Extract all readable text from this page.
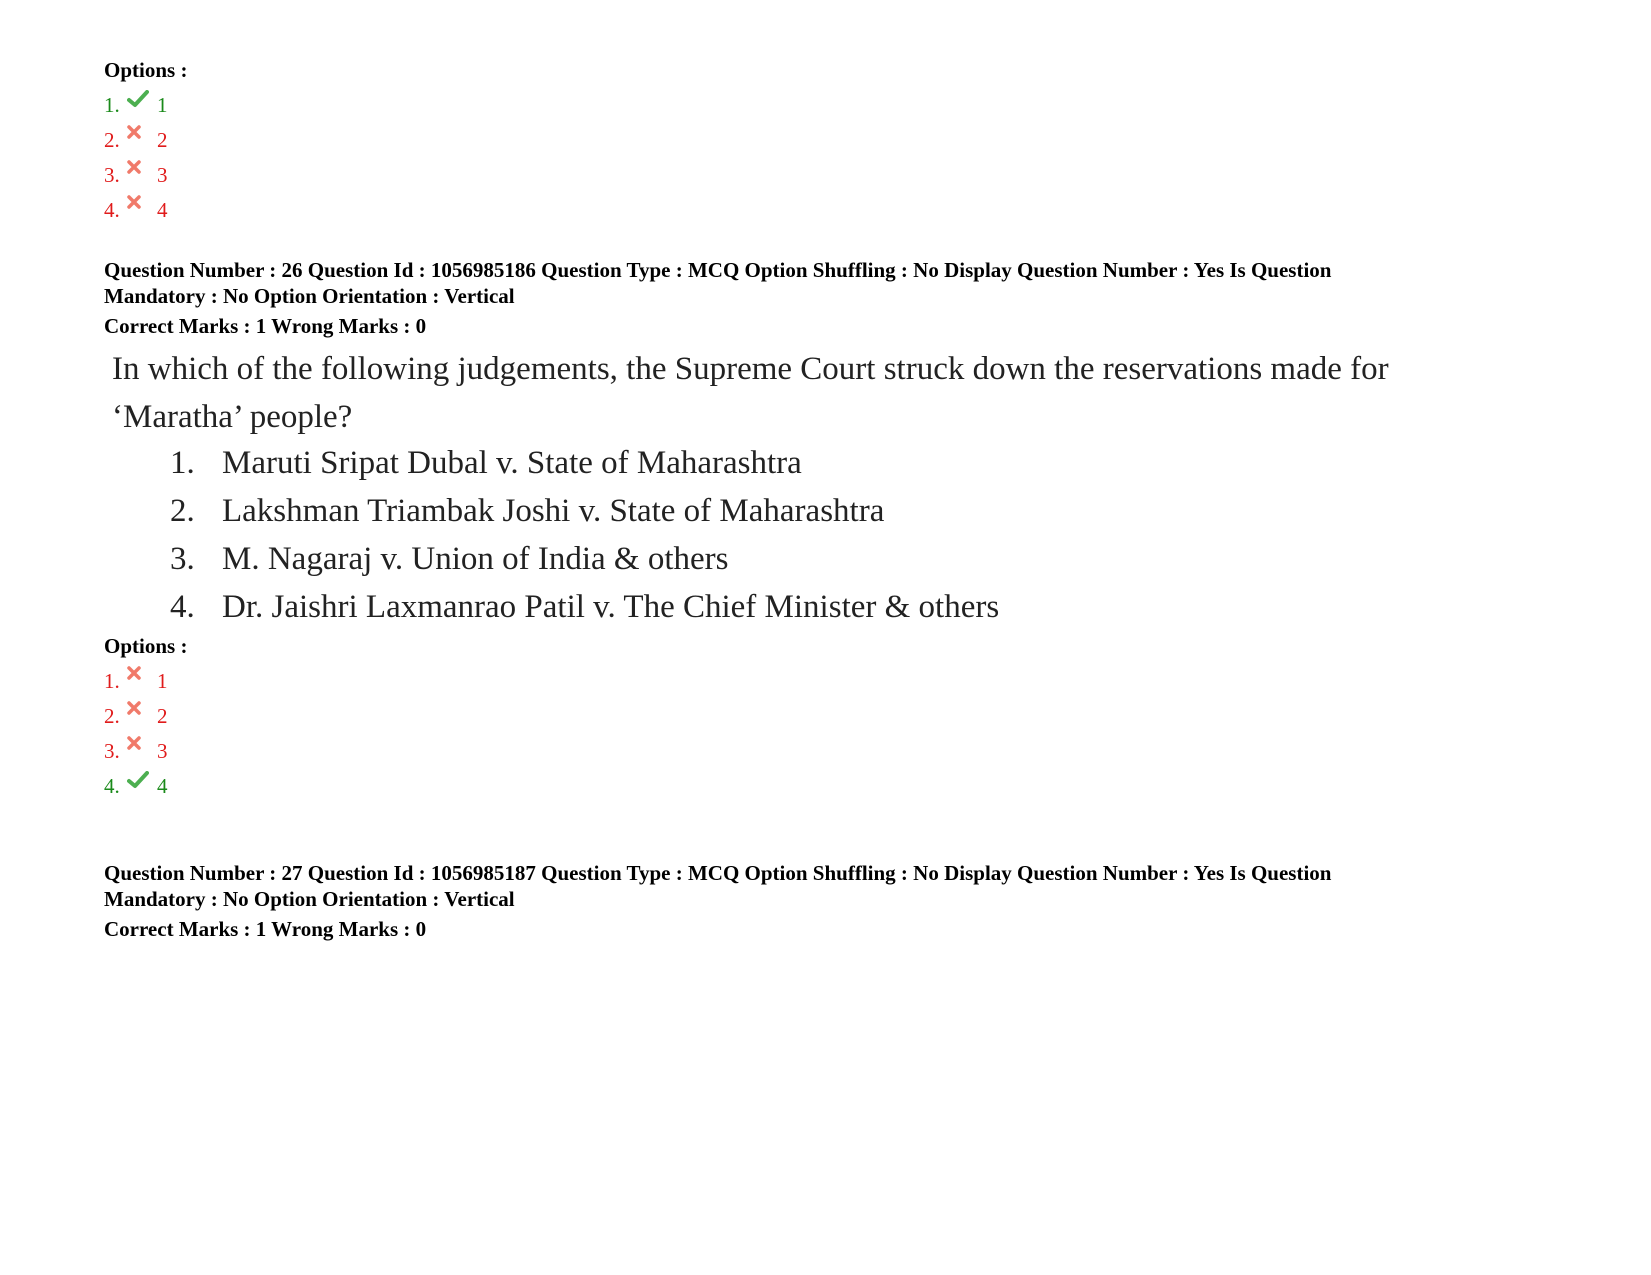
Options :
1.	1
2.	2
3.	3
4.	4
Question Number : 26 Question Id : 1056985186 Question Type : MCQ Option Shuffling : No Display Question Number : Yes Is Question
Mandatory : No Option Orientation : Vertical
Correct Marks : 1 Wrong Marks : 0
In which of the following judgements, the Supreme Court struck down the reservations made for ‘Maratha’ people?
1. Maruti Sripat Dubal v. State of Maharashtra
2. Lakshman Triambak Joshi v. State of Maharashtra
3. M. Nagaraj v. Union of India & others
4. Dr. Jaishri Laxmanrao Patil v. The Chief Minister & others
Options :
1.	1
2.	2
3.	3
4.	4
Question Number : 27 Question Id : 1056985187 Question Type : MCQ Option Shuffling : No Display Question Number : Yes Is Question
Mandatory : No Option Orientation : Vertical
Correct Marks : 1 Wrong Marks : 0
